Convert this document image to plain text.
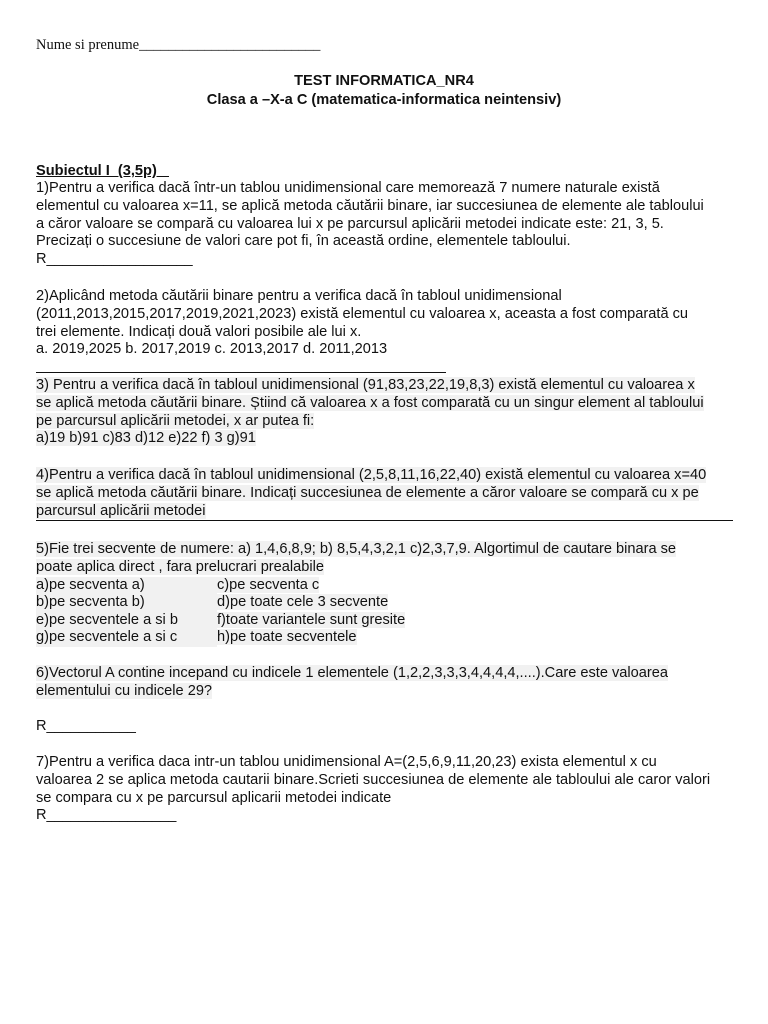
Nume si prenume_________________________
TEST INFORMATICA_NR4
Clasa a –X-a C (matematica-informatica neintensiv)
Subiectul I  (3,5p)
1)Pentru a verifica dacă într-un tablou unidimensional care memorează 7 numere naturale există
elementul cu valoarea x=11, se aplică metoda căutării binare, iar succesiunea de elemente ale tabloului
a căror valoare se compară cu valoarea lui x pe parcursul aplicării metodei indicate este: 21, 3, 5.
Precizați o succesiune de valori care pot fi, în această ordine, elementele tabloului.
R__________________
2)Aplicând metoda căutării binare pentru a verifica dacă în tabloul unidimensional
(2011,2013,2015,2017,2019,2021,2023) există elementul cu valoarea x, aceasta a fost comparată cu
trei elemente. Indicați două valori posibile ale lui x.
a. 2019,2025 b. 2017,2019 c. 2013,2017 d. 2011,2013
3) Pentru a verifica dacă în tabloul unidimensional (91,83,23,22,19,8,3) există elementul cu valoarea x
se aplică metoda căutării binare. Știind că valoarea x a fost comparată cu un singur element al tabloului
pe parcursul aplicării metodei, x ar putea fi:
a)19 b)91 c)83 d)12 e)22 f) 3 g)91
4)Pentru a verifica dacă în tabloul unidimensional (2,5,8,11,16,22,40) există elementul cu valoarea x=40
se aplică metoda căutării binare. Indicați succesiunea de elemente a căror valoare se compară cu x pe
parcursul aplicării metodei
5)Fie trei secvente de numere: a) 1,4,6,8,9; b) 8,5,4,3,2,1 c)2,3,7,9. Algortimul de cautare binara se
poate aplica direct , fara prelucrari prealabile
a)pe secventa a)	c)pe secventa c
b)pe secventa b)	d)pe toate cele 3 secvente
e)pe secventele a si b	f)toate variantele sunt gresite
g)pe secventele a si c	h)pe toate secventele
6)Vectorul A contine incepand cu indicele 1 elementele (1,2,2,3,3,3,4,4,4,4,....).Care este valoarea
elementului cu indicele 29?
R___________
7)Pentru a verifica daca intr-un tablou unidimensional A=(2,5,6,9,11,20,23) exista elementul x cu
valoarea 2 se aplica metoda cautarii binare.Scrieti succesiunea de elemente ale tabloului ale caror valori
se compara cu x pe parcursul aplicarii metodei indicate
R________________
